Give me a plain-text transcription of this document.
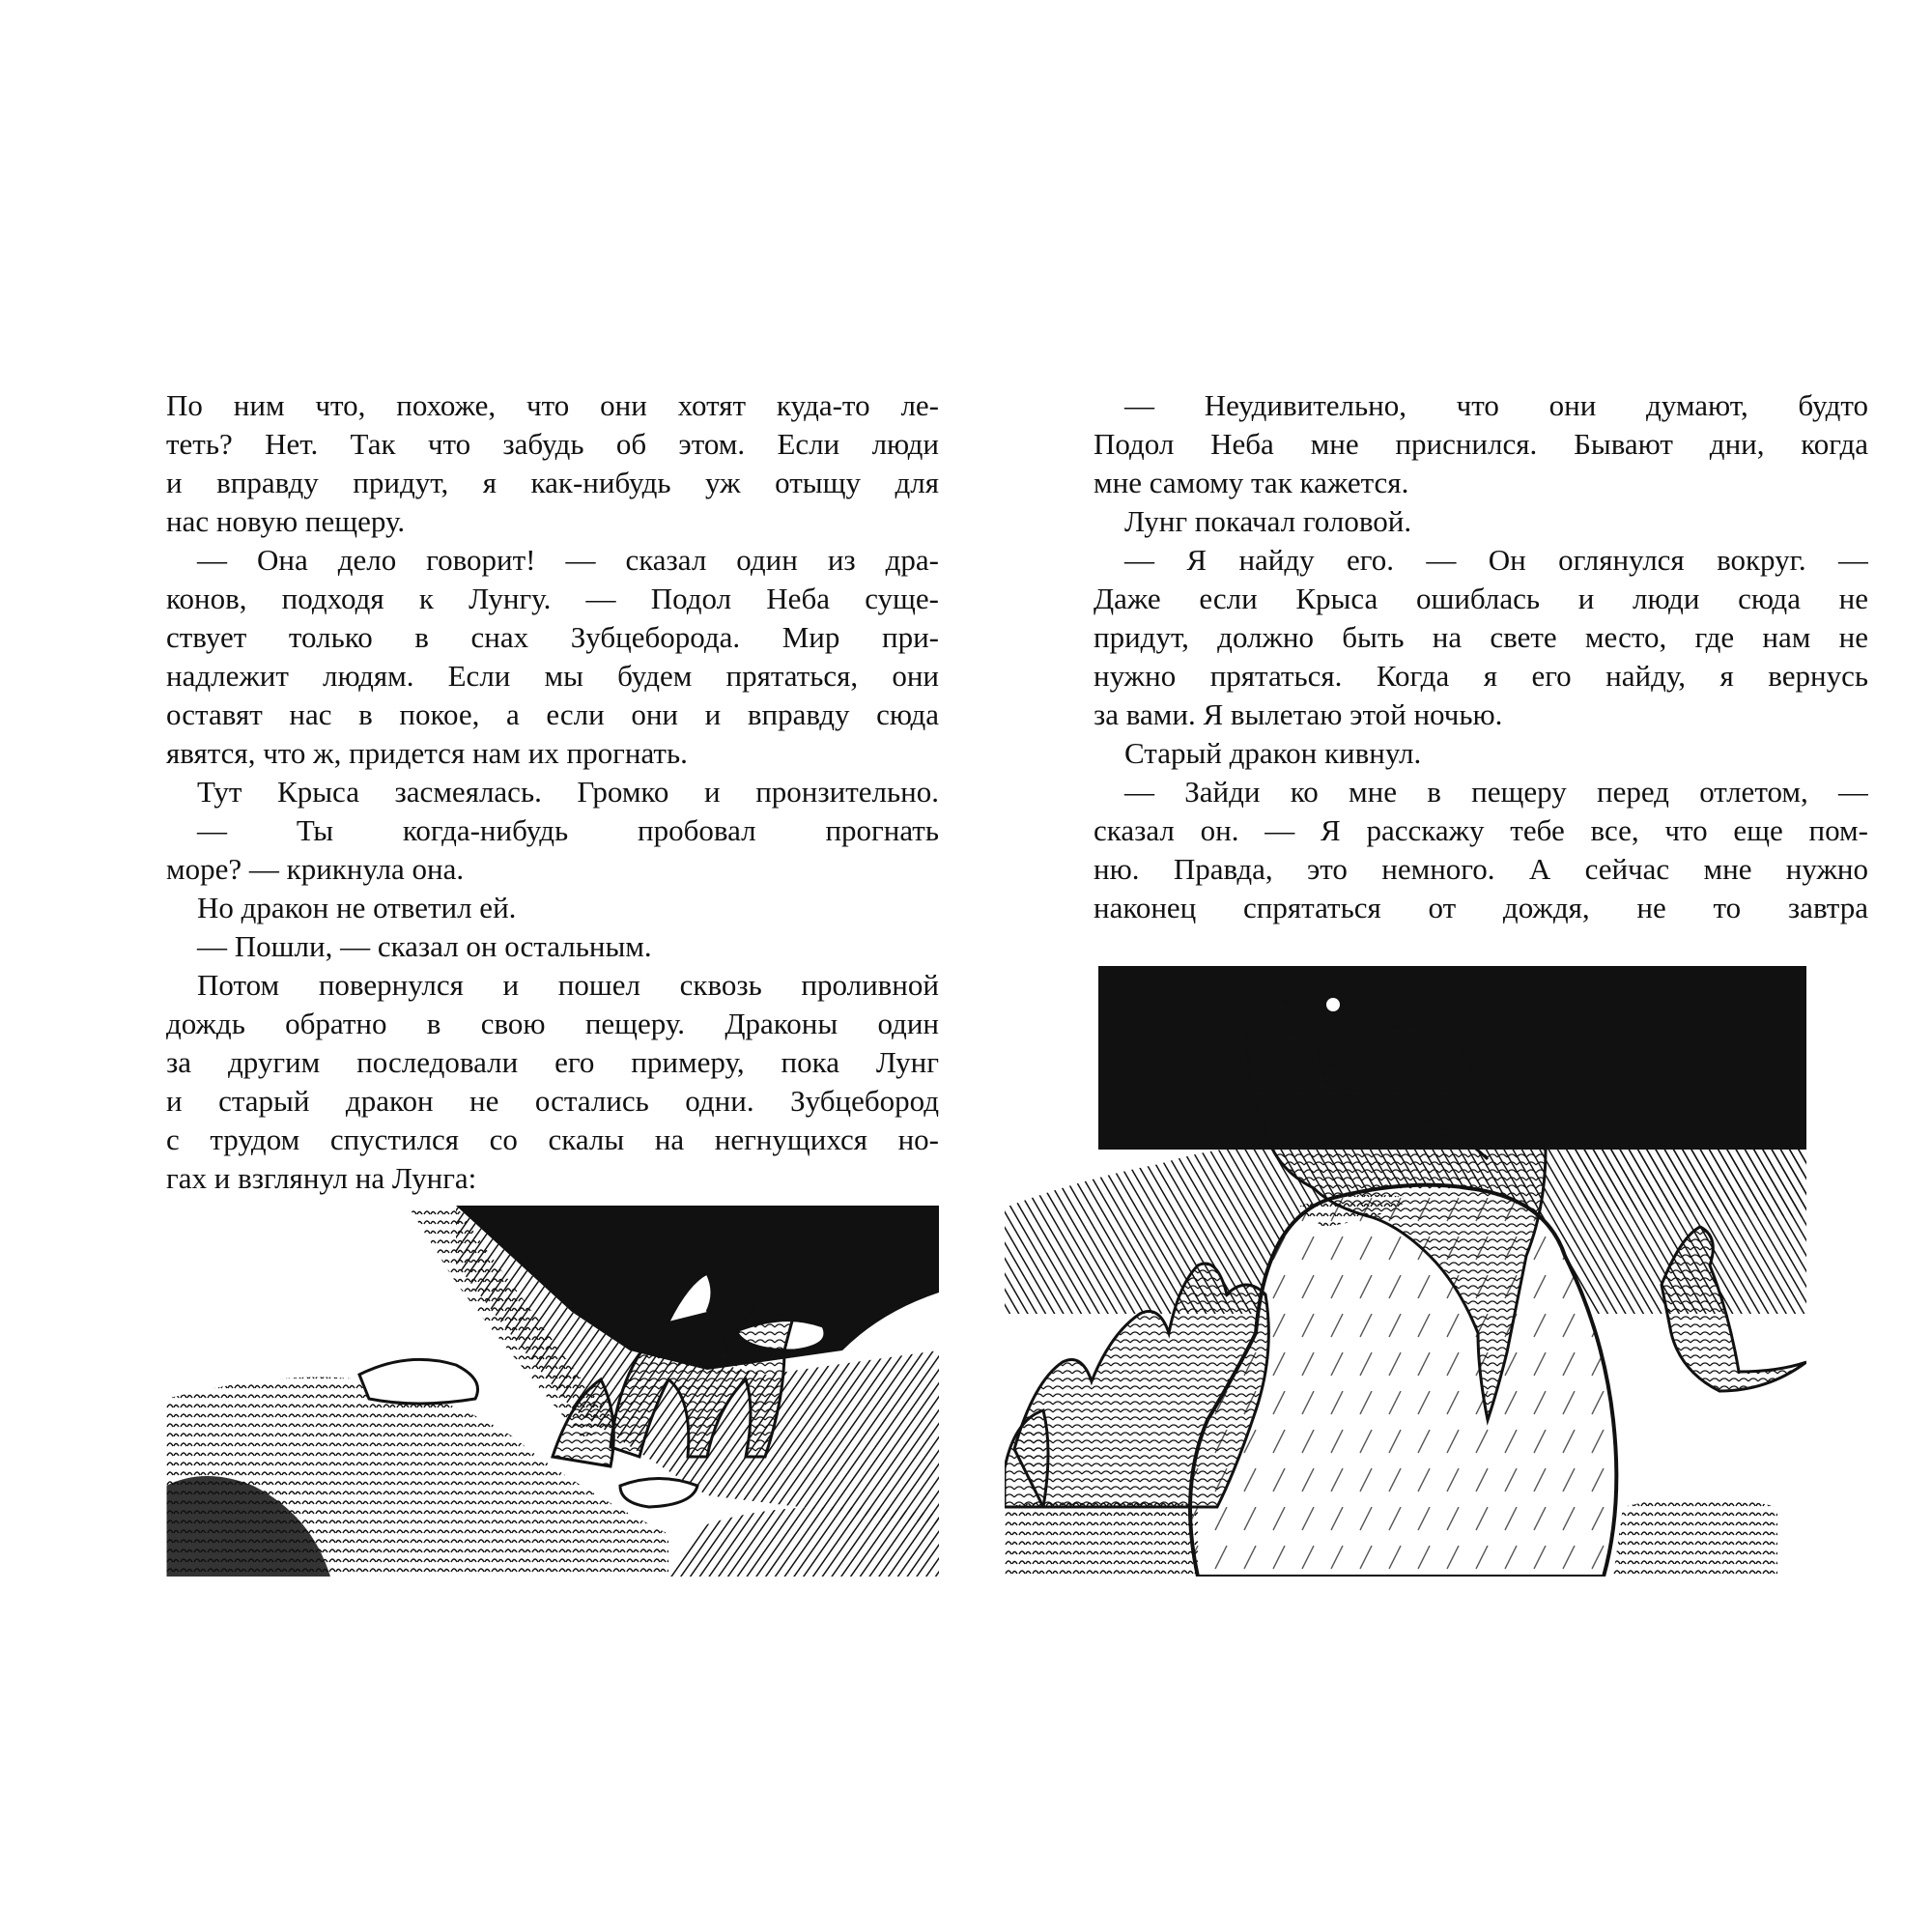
По ним что, похоже, что они хотят куда-то ле-
теть? Нет. Так что забудь об этом. Если люди
и вправду придут, я как-нибудь уж отыщу для
нас новую пещеру.
— Она дело говорит! — сказал один из дра-
конов, подходя к Лунгу. — Подол Неба суще-
ствует только в снах Зубцеборода. Мир при-
надлежит людям. Если мы будем прятаться, они
оставят нас в покое, а если они и вправду сюда
явятся, что ж, придется нам их прогнать.
Тут Крыса засмеялась. Громко и пронзительно.
— Ты когда-нибудь пробовал прогнать
море? — крикнула она.
Но дракон не ответил ей.
— Пошли, — сказал он остальным.
Потом повернулся и пошел сквозь проливной
дождь обратно в свою пещеру. Драконы один
за другим последовали его примеру, пока Лунг
и старый дракон не остались одни. Зубцебород
с трудом спустился со скалы на негнущихся но-
гах и взглянул на Лунга:
— Неудивительно, что они думают, будто
Подол Неба мне приснился. Бывают дни, когда
мне самому так кажется.
Лунг покачал головой.
— Я найду его. — Он оглянулся вокруг. —
Даже если Крыса ошиблась и люди сюда не
придут, должно быть на свете место, где нам не
нужно прятаться. Когда я его найду, я вернусь
за вами. Я вылетаю этой ночью.
Старый дракон кивнул.
— Зайди ко мне в пещеру перед отлетом, —
сказал он. — Я расскажу тебе все, что еще пом-
ню. Правда, это немного. А сейчас мне нужно
наконец спрятаться от дождя, не то завтра
